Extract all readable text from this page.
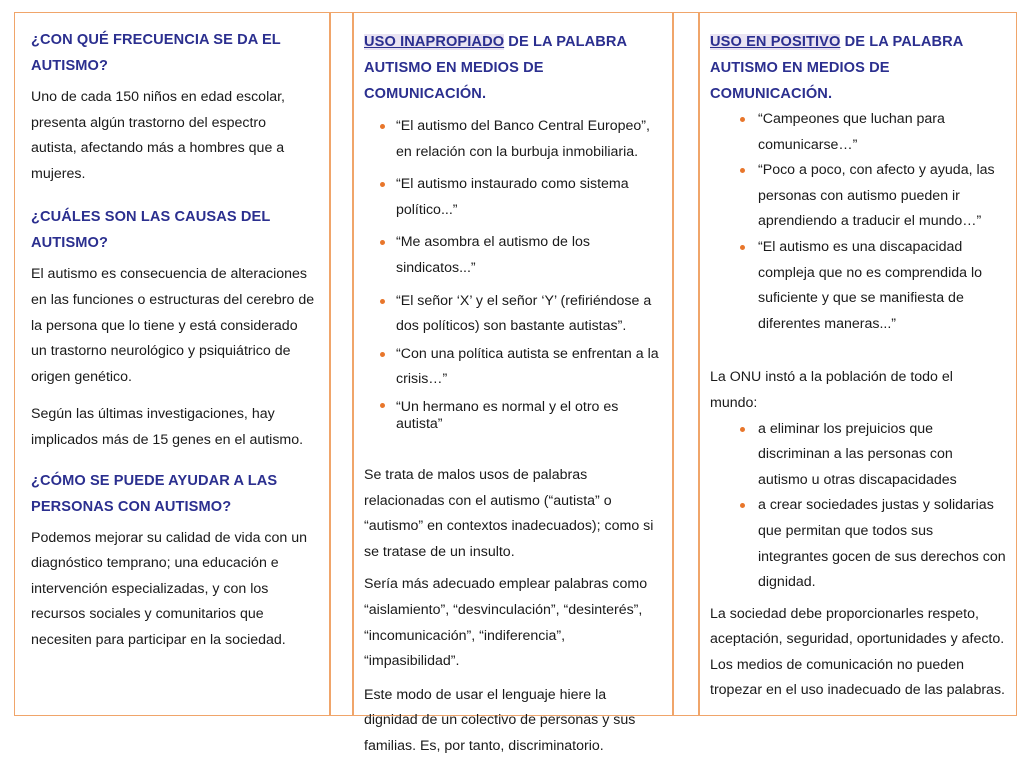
¿CON QUÉ FRECUENCIA SE DA EL AUTISMO?

Uno de cada 150 niños en edad escolar, presenta algún trastorno del espectro autista, afectando más a hombres que a mujeres.

¿CUÁLES SON LAS CAUSAS DEL AUTISMO?

El autismo es consecuencia de alteraciones en las funciones o estructuras del cerebro de la persona que lo tiene y está considerado un trastorno neurológico y psiquiátrico de origen genético.

Según las últimas investigaciones, hay implicados más de 15 genes en el autismo.

¿CÓMO SE PUEDE AYUDAR A LAS PERSONAS CON AUTISMO?

Podemos mejorar su calidad de vida con un diagnóstico temprano; una educación e intervención especializadas, y con los recursos sociales y comunitarios que necesiten para participar en la sociedad.

USO INAPROPIADO DE LA PALABRA AUTISMO EN MEDIOS DE COMUNICACIÓN.

“El autismo del Banco Central Europeo”, en relación con la burbuja inmobiliaria.
“El autismo instaurado como sistema político...”
“Me asombra el autismo de los sindicatos...”
“El señor ‘X’ y el señor ‘Y’ (refiriéndose a dos políticos) son bastante autistas”.
“Con una política autista se enfrentan a la crisis…”
“Un hermano es normal y el otro es autista”

Se trata de malos usos de palabras relacionadas con el autismo (“autista” o “autismo” en contextos inadecuados); como si se tratase de un insulto.

Sería más adecuado emplear palabras como “aislamiento”, “desvinculación”, “desinterés”, “incomunicación”, “indiferencia”, “impasibilidad”.

Este modo de usar el lenguaje hiere la dignidad de un colectivo de personas y sus familias. Es, por tanto, discriminatorio.

USO EN POSITIVO DE LA PALABRA AUTISMO EN MEDIOS DE COMUNICACIÓN.

“Campeones que luchan para comunicarse…”
“Poco a poco, con afecto y ayuda, las personas con autismo pueden ir aprendiendo a traducir el mundo…”
“El autismo es una discapacidad compleja que no es comprendida lo suficiente y que se manifiesta de diferentes maneras...”

La ONU instó a la población de todo el mundo:

a eliminar los prejuicios que discriminan a las personas con autismo u otras discapacidades
a crear sociedades justas y solidarias que permitan que todos sus integrantes gocen de sus derechos con dignidad.

La sociedad debe proporcionarles respeto, aceptación, seguridad, oportunidades y afecto.

Los medios de comunicación no pueden tropezar en el uso inadecuado de las palabras.
